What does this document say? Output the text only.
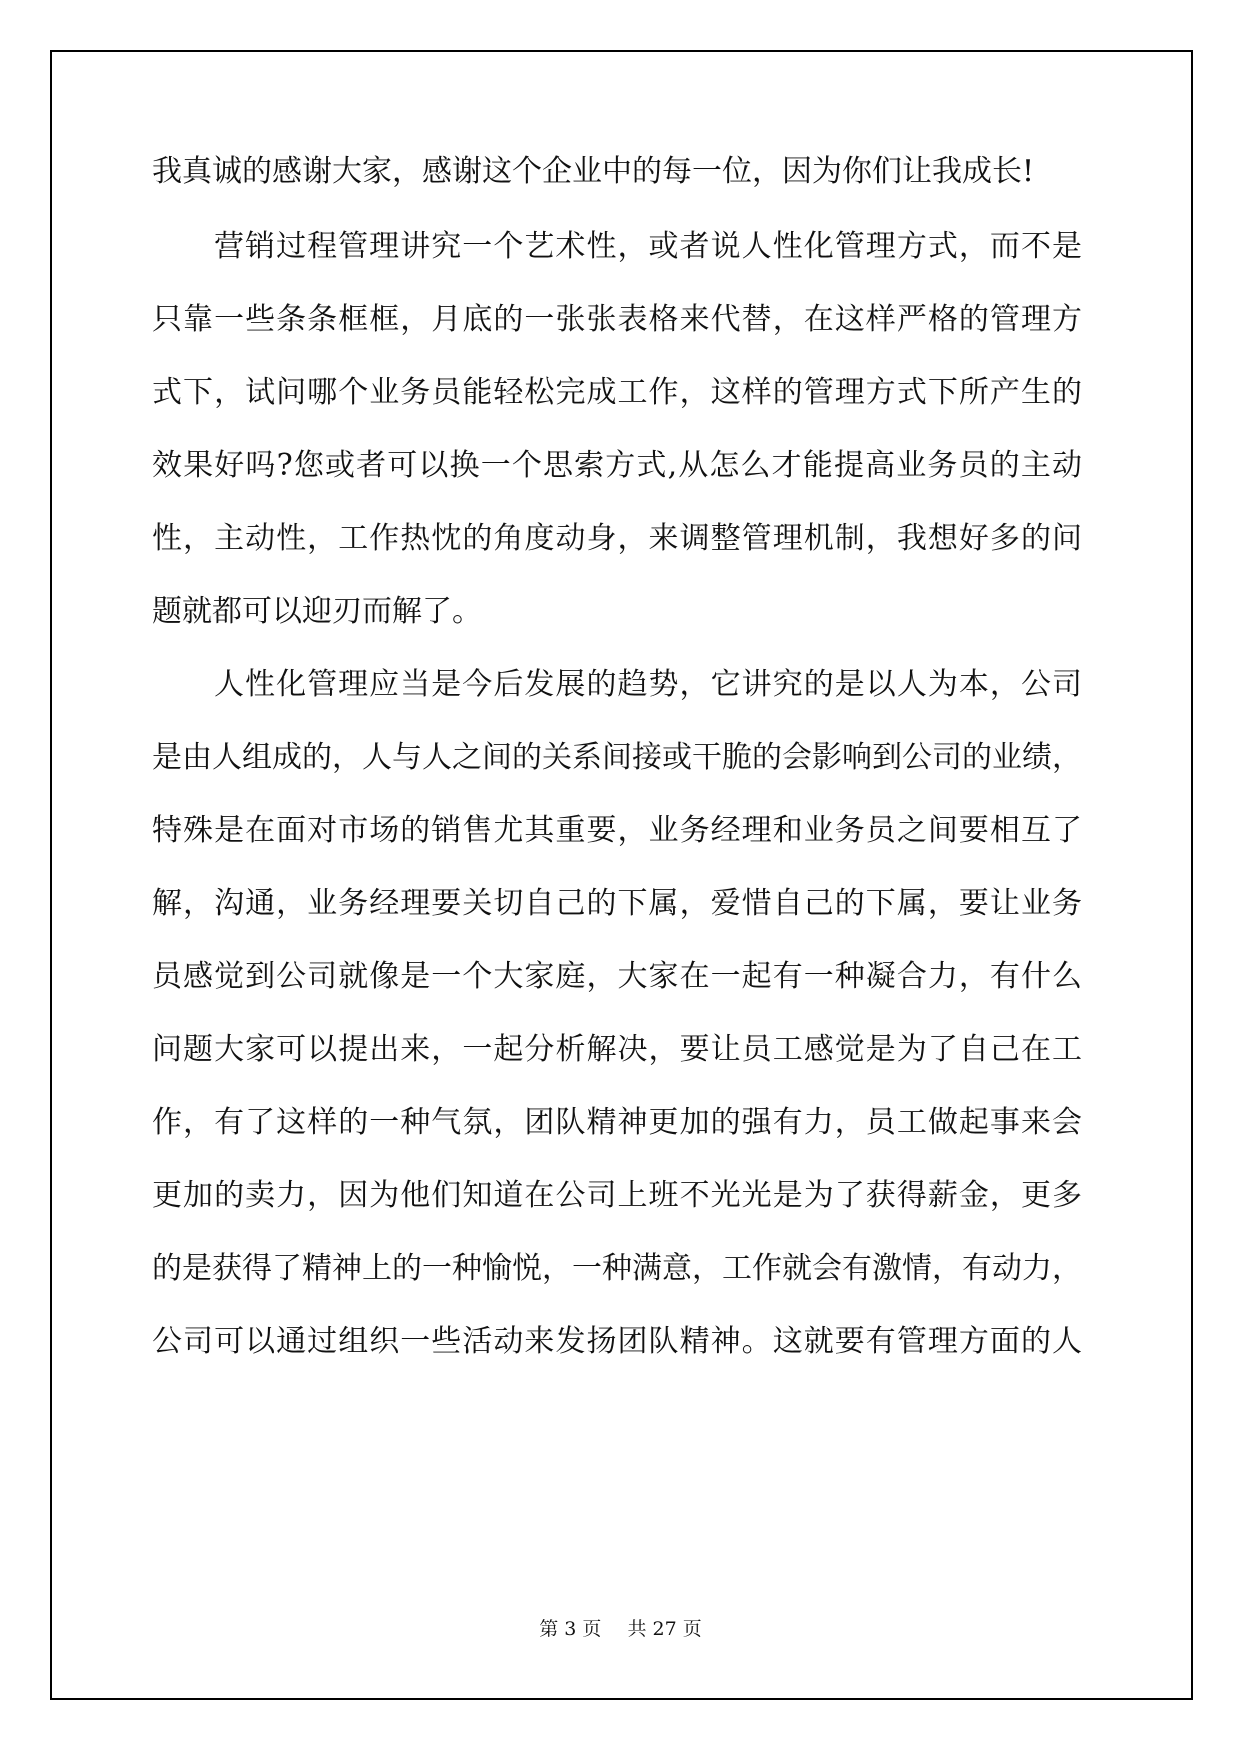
我真诚的感谢大家，感谢这个企业中的每一位，因为你们让我成长!
营销过程管理讲究一个艺术性，或者说人性化管理方式，而不是
只靠一些条条框框，月底的一张张表格来代替，在这样严格的管理方
式下，试问哪个业务员能轻松完成工作，这样的管理方式下所产生的
效果好吗?您或者可以换一个思索方式,从怎么才能提高业务员的主动
性，主动性，工作热忱的角度动身，来调整管理机制，我想好多的问
题就都可以迎刃而解了。
人性化管理应当是今后发展的趋势，它讲究的是以人为本，公司
是由人组成的，人与人之间的关系间接或干脆的会影响到公司的业绩，
特殊是在面对市场的销售尤其重要，业务经理和业务员之间要相互了
解，沟通，业务经理要关切自己的下属，爱惜自己的下属，要让业务
员感觉到公司就像是一个大家庭，大家在一起有一种凝合力，有什么
问题大家可以提出来，一起分析解决，要让员工感觉是为了自己在工
作，有了这样的一种气氛，团队精神更加的强有力，员工做起事来会
更加的卖力，因为他们知道在公司上班不光光是为了获得薪金，更多
的是获得了精神上的一种愉悦，一种满意，工作就会有激情，有动力，
公司可以通过组织一些活动来发扬团队精神。这就要有管理方面的人
第 3 页 共 27 页
